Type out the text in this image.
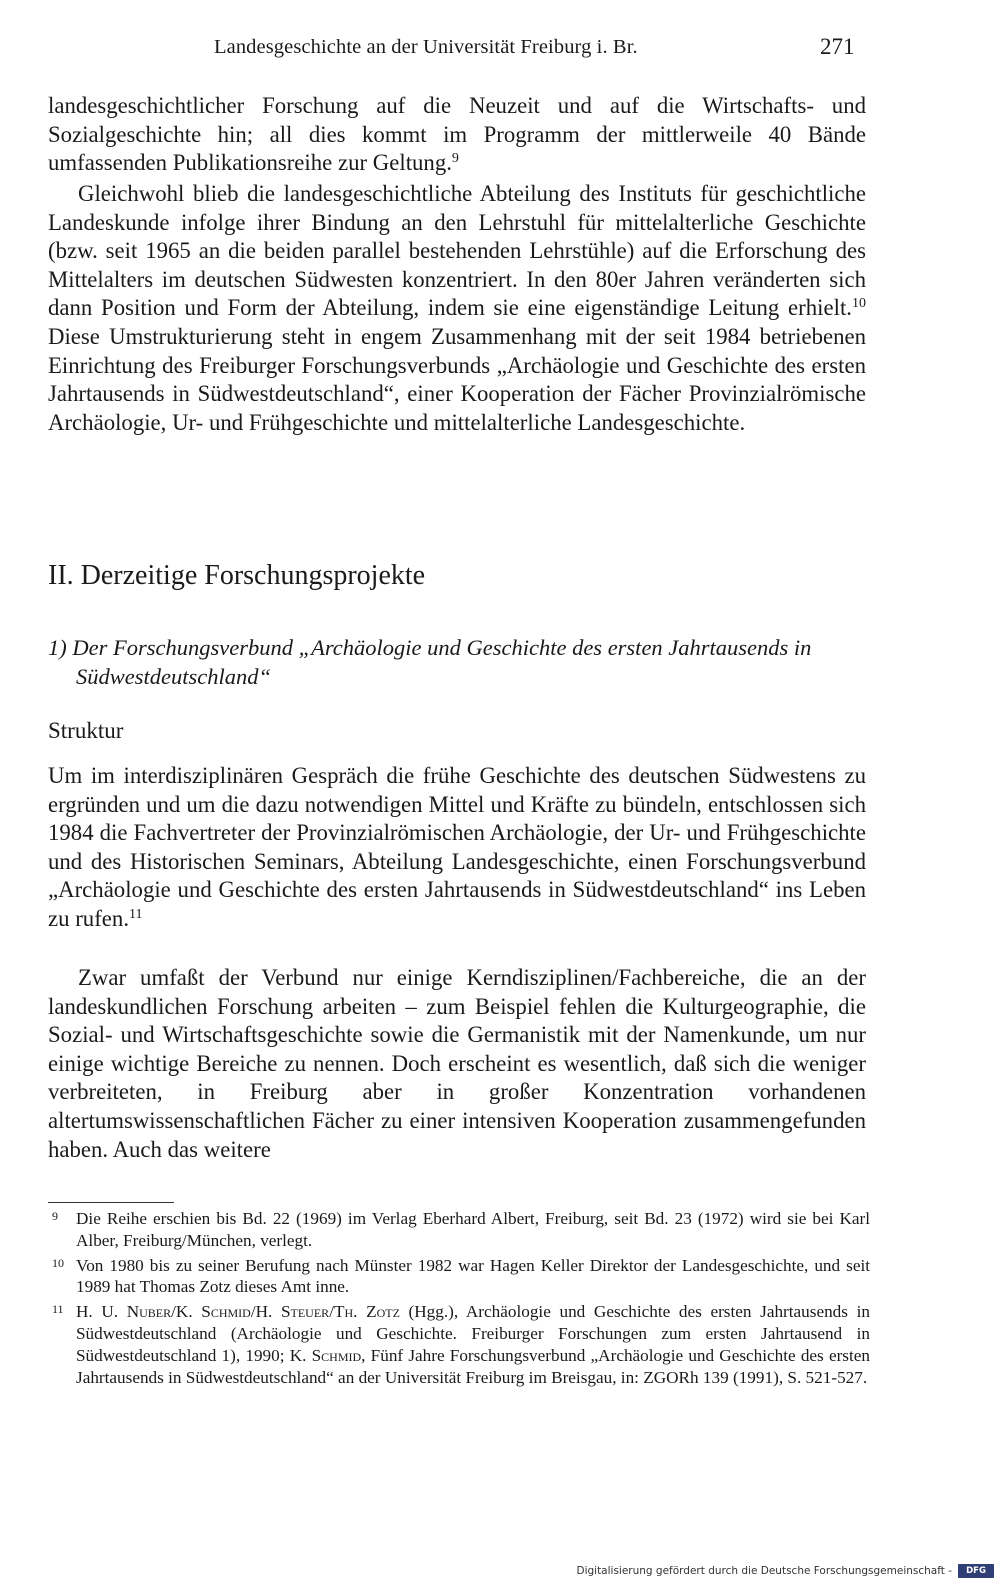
Landesgeschichte an der Universität Freiburg i. Br.	271

landesgeschichtlicher Forschung auf die Neuzeit und auf die Wirtschafts- und Sozialgeschichte hin; all dies kommt im Programm der mittlerweile 40 Bände umfassenden Publikationsreihe zur Geltung.$^9$

Gleichwohl blieb die landesgeschichtliche Abteilung des Instituts für geschichtliche Landeskunde infolge ihrer Bindung an den Lehrstuhl für mittelalterliche Geschichte (bzw. seit 1965 an die beiden parallel bestehenden Lehrstühle) auf die Erforschung des Mittelalters im deutschen Südwesten konzentriert. In den 80er Jahren veränderten sich dann Position und Form der Abteilung, indem sie eine eigenständige Leitung erhielt.$^{10}$ Diese Umstrukturierung steht in engem Zusammenhang mit der seit 1984 betriebenen Einrichtung des Freiburger Forschungsverbunds „Archäologie und Geschichte des ersten Jahrtausends in Südwestdeutschland“, einer Kooperation der Fächer Provinzialrömische Archäologie, Ur- und Frühgeschichte und mittelalterliche Landesgeschichte.

II. Derzeitige Forschungsprojekte
1) Der Forschungsverbund „Archäologie und Geschichte des ersten Jahrtausends in Südwestdeutschland“
Struktur

Um im interdisziplinären Gespräch die frühe Geschichte des deutschen Südwestens zu ergründen und um die dazu notwendigen Mittel und Kräfte zu bündeln, entschlossen sich 1984 die Fachvertreter der Provinzialrömischen Archäologie, der Ur- und Frühgeschichte und des Historischen Seminars, Abteilung Landesgeschichte, einen Forschungsverbund „Archäologie und Geschichte des ersten Jahrtausends in Südwestdeutschland“ ins Leben zu rufen.$^{11}$

Zwar umfaßt der Verbund nur einige Kerndisziplinen/Fachbereiche, die an der landeskundlichen Forschung arbeiten – zum Beispiel fehlen die Kulturgeographie, die Sozial- und Wirtschaftsgeschichte sowie die Germanistik mit der Namenkunde, um nur einige wichtige Bereiche zu nennen. Doch erscheint es wesentlich, daß sich die weniger verbreiteten, in Freiburg aber in großer Konzentration vorhandenen altertumswissenschaftlichen Fächer zu einer intensiven Kooperation zusammengefunden haben. Auch das weitere

9 Die Reihe erschien bis Bd. 22 (1969) im Verlag Eberhard Albert, Freiburg, seit Bd. 23 (1972) wird sie bei Karl Alber, Freiburg/München, verlegt.

10 Von 1980 bis zu seiner Berufung nach Münster 1982 war Hagen Keller Direktor der Landesgeschichte, und seit 1989 hat Thomas Zotz dieses Amt inne.

11 H. U. Nuber/K. Schmid/H. Steuer/Th. Zotz (Hgg.), Archäologie und Geschichte des ersten Jahrtausends in Südwestdeutschland (Archäologie und Geschichte. Freiburger Forschungen zum ersten Jahrtausend in Südwestdeutschland 1), 1990; K. Schmid, Fünf Jahre Forschungsverbund „Archäologie und Geschichte des ersten Jahrtausends in Südwestdeutschland“ an der Universität Freiburg im Breisgau, in: ZGORh 139 (1991), S. 521-527.

Digitalisierung gefördert durch die Deutsche Forschungsgemeinschaft -	DFG
